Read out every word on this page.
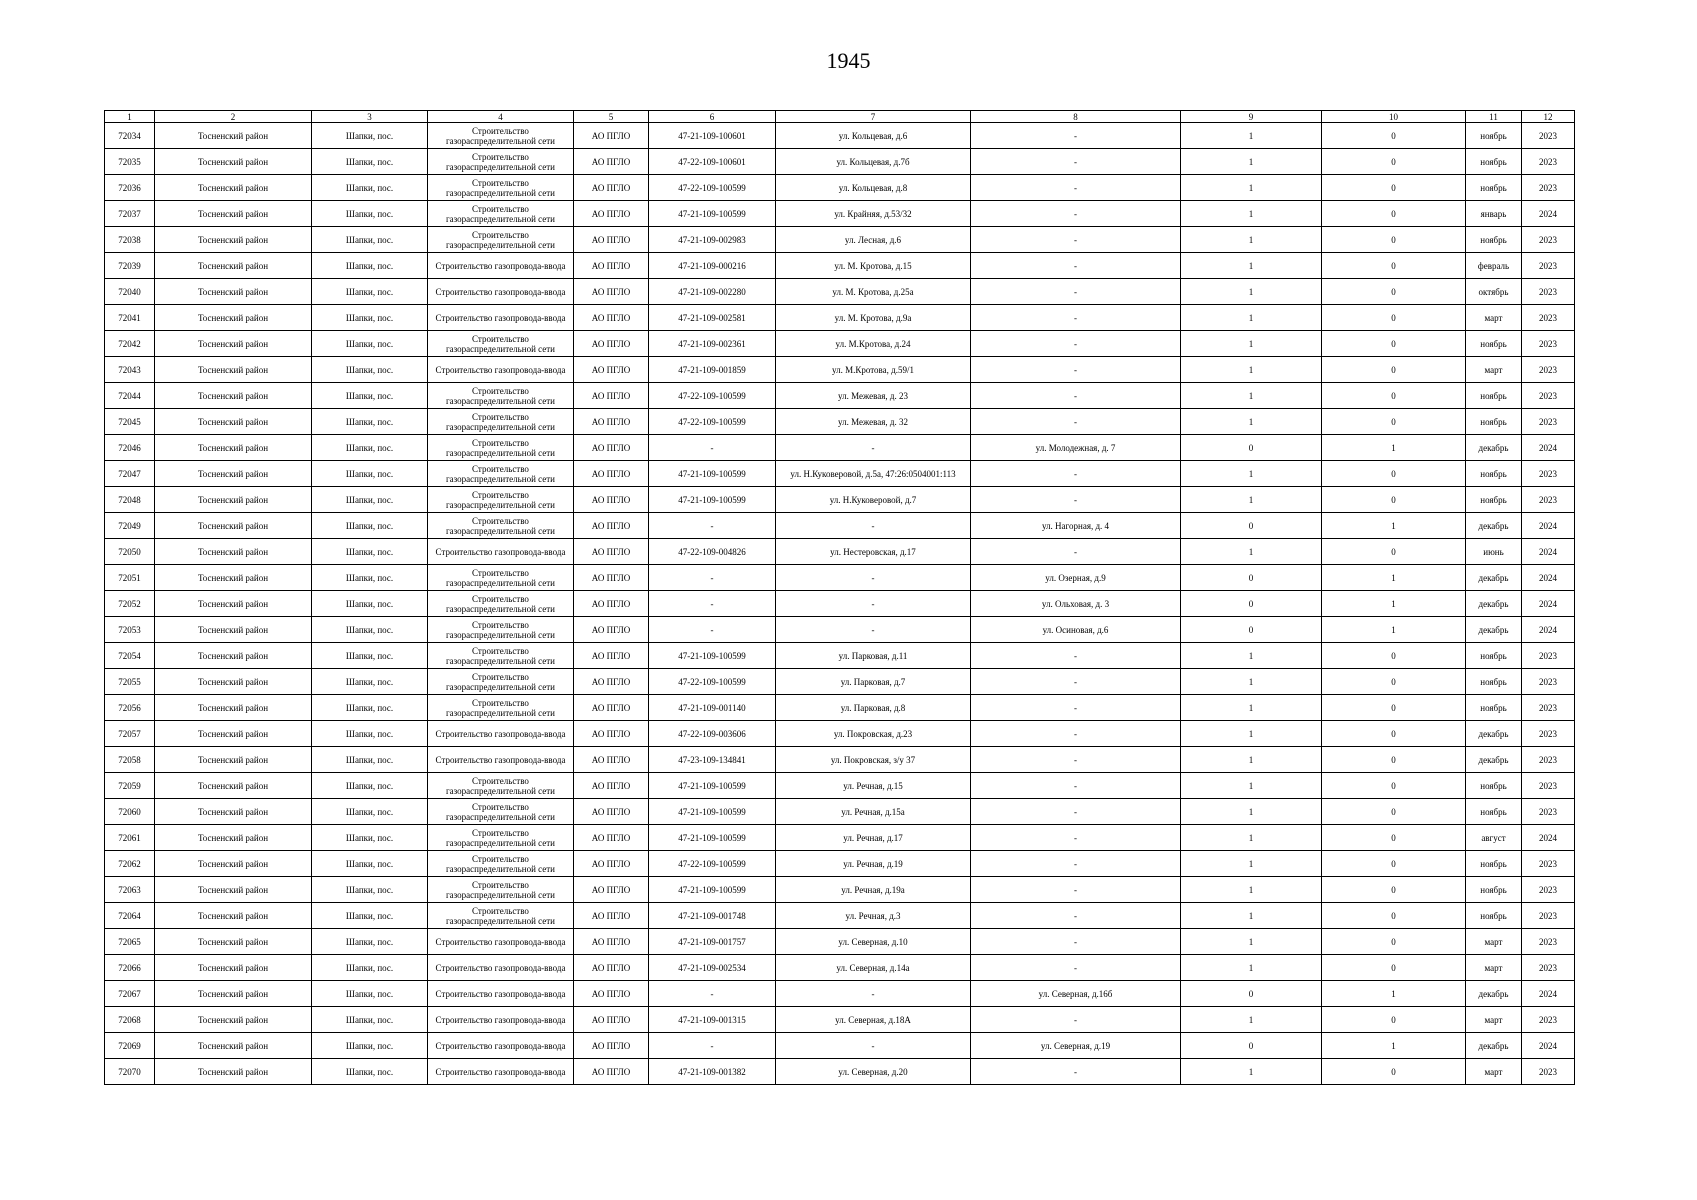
1945
1	2	3	4	5	6	7	8	9	10	11	12
72034	Тосненский район	Шапки, пос.	Строительство газораспределительной сети	АО ПГЛО	47-21-109-100601	ул. Кольцевая, д.6	-	1	0	ноябрь	2023
72035	Тосненский район	Шапки, пос.	Строительство газораспределительной сети	АО ПГЛО	47-22-109-100601	ул. Кольцевая, д.7б	-	1	0	ноябрь	2023
72036	Тосненский район	Шапки, пос.	Строительство газораспределительной сети	АО ПГЛО	47-22-109-100599	ул. Кольцевая, д.8	-	1	0	ноябрь	2023
72037	Тосненский район	Шапки, пос.	Строительство газораспределительной сети	АО ПГЛО	47-21-109-100599	ул. Крайняя, д.53/32	-	1	0	январь	2024
72038	Тосненский район	Шапки, пос.	Строительство газораспределительной сети	АО ПГЛО	47-21-109-002983	ул. Лесная, д.6	-	1	0	ноябрь	2023
72039	Тосненский район	Шапки, пос.	Строительство газопровода-ввода	АО ПГЛО	47-21-109-000216	ул. М. Кротова, д.15	-	1	0	февраль	2023
72040	Тосненский район	Шапки, пос.	Строительство газопровода-ввода	АО ПГЛО	47-21-109-002280	ул. М. Кротова, д.25а	-	1	0	октябрь	2023
72041	Тосненский район	Шапки, пос.	Строительство газопровода-ввода	АО ПГЛО	47-21-109-002581	ул. М. Кротова, д.9а	-	1	0	март	2023
72042	Тосненский район	Шапки, пос.	Строительство газораспределительной сети	АО ПГЛО	47-21-109-002361	ул. М.Кротова, д.24	-	1	0	ноябрь	2023
72043	Тосненский район	Шапки, пос.	Строительство газопровода-ввода	АО ПГЛО	47-21-109-001859	ул. М.Кротова, д.59/1	-	1	0	март	2023
72044	Тосненский район	Шапки, пос.	Строительство газораспределительной сети	АО ПГЛО	47-22-109-100599	ул. Межевая, д. 23	-	1	0	ноябрь	2023
72045	Тосненский район	Шапки, пос.	Строительство газораспределительной сети	АО ПГЛО	47-22-109-100599	ул. Межевая, д. 32	-	1	0	ноябрь	2023
72046	Тосненский район	Шапки, пос.	Строительство газораспределительной сети	АО ПГЛО	-	-	ул. Молодежная, д. 7	0	1	декабрь	2024
72047	Тосненский район	Шапки, пос.	Строительство газораспределительной сети	АО ПГЛО	47-21-109-100599	ул. Н.Куковеровой, д.5а, 47:26:0504001:113	-	1	0	ноябрь	2023
72048	Тосненский район	Шапки, пос.	Строительство газораспределительной сети	АО ПГЛО	47-21-109-100599	ул. Н.Куковеровой, д.7	-	1	0	ноябрь	2023
72049	Тосненский район	Шапки, пос.	Строительство газораспределительной сети	АО ПГЛО	-	-	ул. Нагорная, д. 4	0	1	декабрь	2024
72050	Тосненский район	Шапки, пос.	Строительство газопровода-ввода	АО ПГЛО	47-22-109-004826	ул. Нестеровская, д.17	-	1	0	июнь	2024
72051	Тосненский район	Шапки, пос.	Строительство газораспределительной сети	АО ПГЛО	-	-	ул. Озерная, д.9	0	1	декабрь	2024
72052	Тосненский район	Шапки, пос.	Строительство газораспределительной сети	АО ПГЛО	-	-	ул. Ольховая, д. 3	0	1	декабрь	2024
72053	Тосненский район	Шапки, пос.	Строительство газораспределительной сети	АО ПГЛО	-	-	ул. Осиновая, д.6	0	1	декабрь	2024
72054	Тосненский район	Шапки, пос.	Строительство газораспределительной сети	АО ПГЛО	47-21-109-100599	ул. Парковая, д.11	-	1	0	ноябрь	2023
72055	Тосненский район	Шапки, пос.	Строительство газораспределительной сети	АО ПГЛО	47-22-109-100599	ул. Парковая, д.7	-	1	0	ноябрь	2023
72056	Тосненский район	Шапки, пос.	Строительство газораспределительной сети	АО ПГЛО	47-21-109-001140	ул. Парковая, д.8	-	1	0	ноябрь	2023
72057	Тосненский район	Шапки, пос.	Строительство газопровода-ввода	АО ПГЛО	47-22-109-003606	ул. Покровская, д.23	-	1	0	декабрь	2023
72058	Тосненский район	Шапки, пос.	Строительство газопровода-ввода	АО ПГЛО	47-23-109-134841	ул. Покровская, з/у 37	-	1	0	декабрь	2023
72059	Тосненский район	Шапки, пос.	Строительство газораспределительной сети	АО ПГЛО	47-21-109-100599	ул. Речная, д.15	-	1	0	ноябрь	2023
72060	Тосненский район	Шапки, пос.	Строительство газораспределительной сети	АО ПГЛО	47-21-109-100599	ул. Речная, д.15а	-	1	0	ноябрь	2023
72061	Тосненский район	Шапки, пос.	Строительство газораспределительной сети	АО ПГЛО	47-21-109-100599	ул. Речная, д.17	-	1	0	август	2024
72062	Тосненский район	Шапки, пос.	Строительство газораспределительной сети	АО ПГЛО	47-22-109-100599	ул. Речная, д.19	-	1	0	ноябрь	2023
72063	Тосненский район	Шапки, пос.	Строительство газораспределительной сети	АО ПГЛО	47-21-109-100599	ул. Речная, д.19а	-	1	0	ноябрь	2023
72064	Тосненский район	Шапки, пос.	Строительство газораспределительной сети	АО ПГЛО	47-21-109-001748	ул. Речная, д.3	-	1	0	ноябрь	2023
72065	Тосненский район	Шапки, пос.	Строительство газопровода-ввода	АО ПГЛО	47-21-109-001757	ул. Северная, д.10	-	1	0	март	2023
72066	Тосненский район	Шапки, пос.	Строительство газопровода-ввода	АО ПГЛО	47-21-109-002534	ул. Северная, д.14а	-	1	0	март	2023
72067	Тосненский район	Шапки, пос.	Строительство газопровода-ввода	АО ПГЛО	-	-	ул. Северная, д.16б	0	1	декабрь	2024
72068	Тосненский район	Шапки, пос.	Строительство газопровода-ввода	АО ПГЛО	47-21-109-001315	ул. Северная, д.18А	-	1	0	март	2023
72069	Тосненский район	Шапки, пос.	Строительство газопровода-ввода	АО ПГЛО	-	-	ул. Северная, д.19	0	1	декабрь	2024
72070	Тосненский район	Шапки, пос.	Строительство газопровода-ввода	АО ПГЛО	47-21-109-001382	ул. Северная, д.20	-	1	0	март	2023
